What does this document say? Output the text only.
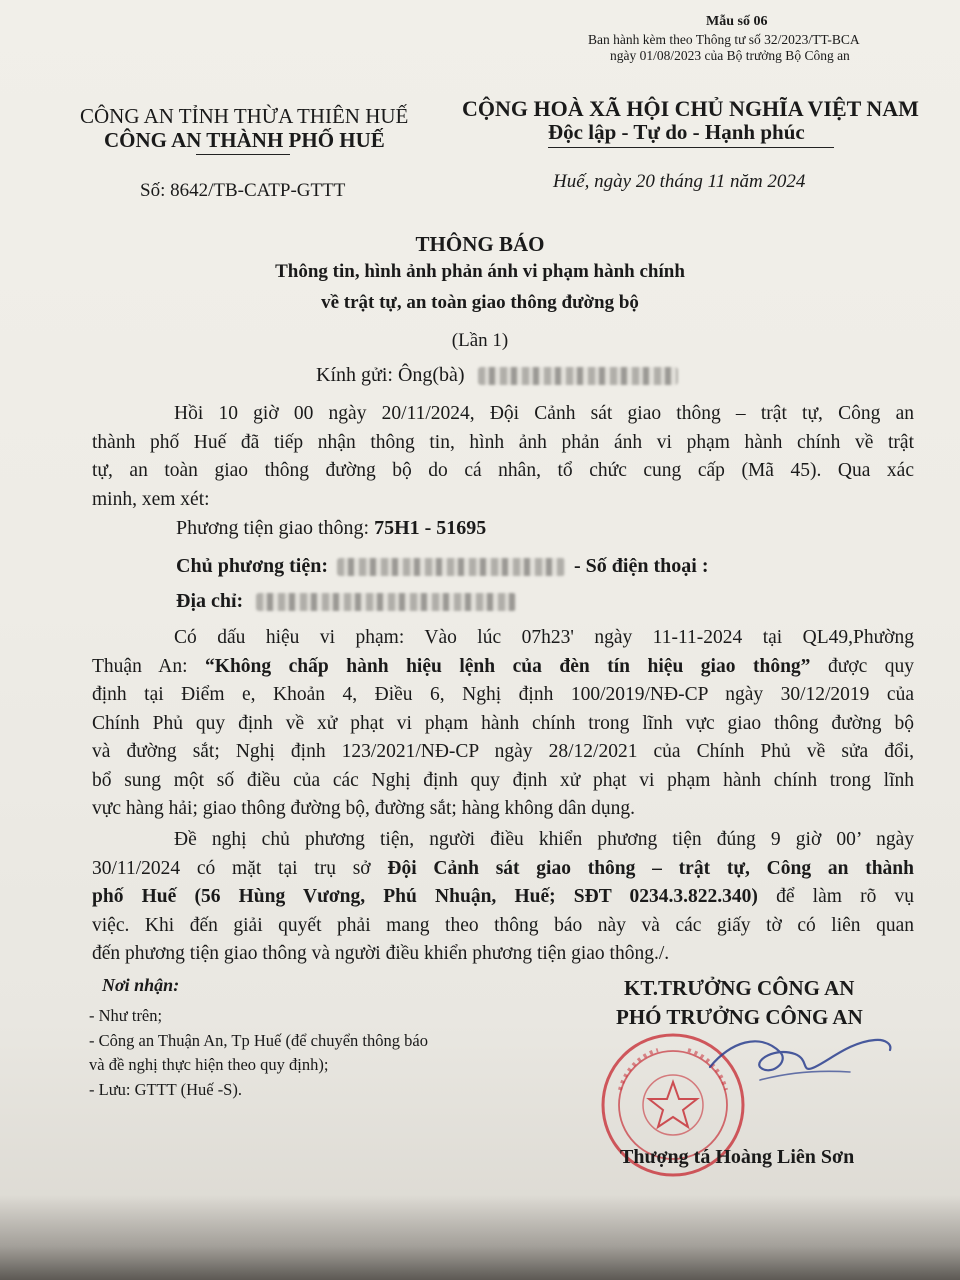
Mẫu số 06
Ban hành kèm theo Thông tư số 32/2023/TT-BCA
ngày 01/08/2023 của Bộ trưởng Bộ Công an
CÔNG AN TỈNH THỪA THIÊN HUẾ
CÔNG AN THÀNH PHỐ HUẾ
Số: 8642/TB-CATP-GTTT
CỘNG HOÀ XÃ HỘI CHỦ NGHĨA VIỆT NAM
Độc lập - Tự do - Hạnh phúc
Huế, ngày 20 tháng 11 năm 2024
THÔNG BÁO
Thông tin, hình ảnh phản ánh vi phạm hành chính
về trật tự, an toàn giao thông đường bộ
(Lần 1)
Kính gửi: Ông(bà)
Hồi 10 giờ 00 ngày 20/11/2024, Đội Cảnh sát giao thông – trật tự, Công an
thành phố Huế đã tiếp nhận thông tin, hình ảnh phản ánh vi phạm hành chính về trật
tự, an toàn giao thông đường bộ do cá nhân, tổ chức cung cấp (Mã 45). Qua xác
minh, xem xét:
Phương tiện giao thông: 75H1 - 51695
Chủ phương tiện:	- Số điện thoại :
Địa chỉ:
Có dấu hiệu vi phạm: Vào lúc 07h23' ngày 11-11-2024 tại QL49,Phường
Thuận An: “Không chấp hành hiệu lệnh của đèn tín hiệu giao thông” được quy
định tại Điểm e, Khoản 4, Điều 6, Nghị định 100/2019/NĐ-CP ngày 30/12/2019 của
Chính Phủ quy định về xử phạt vi phạm hành chính trong lĩnh vực giao thông đường bộ
và đường sắt; Nghị định 123/2021/NĐ-CP ngày 28/12/2021 của Chính Phủ về sửa đổi,
bổ sung một số điều của các Nghị định quy định xử phạt vi phạm hành chính trong lĩnh
vực hàng hải; giao thông đường bộ, đường sắt; hàng không dân dụng.
Đề nghị chủ phương tiện, người điều khiển phương tiện đúng 9 giờ 00’ ngày
30/11/2024 có mặt tại trụ sở Đội Cảnh sát giao thông – trật tự, Công an thành
phố Huế (56 Hùng Vương, Phú Nhuận, Huế; SĐT 0234.3.822.340) để làm rõ vụ
việc. Khi đến giải quyết phải mang theo thông báo này và các giấy tờ có liên quan
đến phương tiện giao thông và người điều khiển phương tiện giao thông./.
Nơi nhận:
- Như trên;
- Công an Thuận An, Tp Huế (để chuyển thông báo
và đề nghị thực hiện theo quy định);
- Lưu: GTTT (Huế -S).
KT.TRƯỞNG CÔNG AN
PHÓ TRƯỞNG CÔNG AN
Thượng tá Hoàng Liên Sơn
